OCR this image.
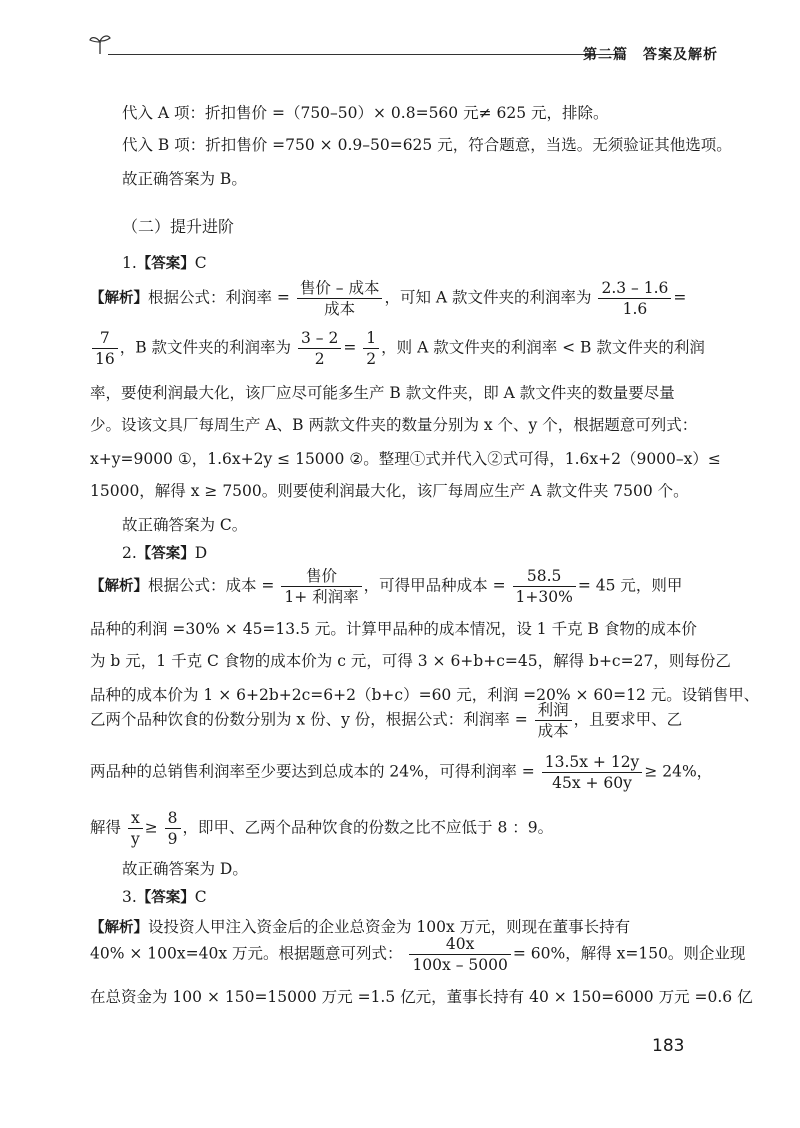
第二篇　答案及解析
代入 A 项：折扣售价 =（750–50）× 0.8=560 元≠ 625 元，排除。
代入 B 项：折扣售价 =750 × 0.9–50=625 元，符合题意，当选。无须验证其他选项。
故正确答案为 B。
（二）提升进阶
1.【答案】C
【解析】根据公式：利润率 = $\frac{\text{售价 – 成本}}{\text{成本}}$ ，可知 A 款文件夹的利润率为 $\frac{2.3 - 1.6}{1.6}$ =
$\frac{7}{16}$ ，B 款文件夹的利润率为 $\frac{3 - 2}{2} = \frac{1}{2}$ ，则 A 款文件夹的利润率 < B 款文件夹的利润
率，要使利润最大化，该厂应尽可能多生产 B 款文件夹，即 A 款文件夹的数量要尽量
少。设该文具厂每周生产 A、B 两款文件夹的数量分别为 x 个、y 个，根据题意可列式：
x+y=9000 ①，1.6x+2y ≤ 15000 ②。整理①式并代入②式可得，1.6x+2（9000–x）≤
15000，解得 x ≥ 7500。则要使利润最大化，该厂每周应生产 A 款文件夹 7500 个。
故正确答案为 C。
2.【答案】D
【解析】根据公式：成本 = $\frac{\text{售价}}{\text{1+ 利润率}}$ ，可得甲品种成本 = $\frac{58.5}{1+30\%} = 45$ 元，则甲
品种的利润 =30% × 45=13.5 元。计算甲品种的成本情况，设 1 千克 B 食物的成本价
为 b 元，1 千克 C 食物的成本价为 c 元，可得 3 × 6+b+c=45，解得 b+c=27，则每份乙
品种的成本价为 1 × 6+2b+2c=6+2（b+c）=60 元，利润 =20% × 60=12 元。设销售甲、
乙两个品种饮食的份数分别为 x 份、y 份，根据公式：利润率 = $\frac{\text{利润}}{\text{成本}}$ ，且要求甲、乙
两品种的总销售利润率至少要达到总成本的 24%，可得利润率 = $\frac{13.5x + 12y}{45x + 60y} \ge 24\%$，
解得 $\frac{x}{y} \ge \frac{8}{9}$ ，即甲、乙两个品种饮食的份数之比不应低于 8 ：9。
故正确答案为 D。
3.【答案】C
【解析】设投资人甲注入资金后的企业总资金为 100x 万元，则现在董事长持有
40% × 100x=40x 万元。根据题意可列式： $\frac{40x}{100x - 5000} = 60\%$，解得 x=150。则企业现
在总资金为 100 × 150=15000 万元 =1.5 亿元，董事长持有 40 × 150=6000 万元 =0.6 亿
183
